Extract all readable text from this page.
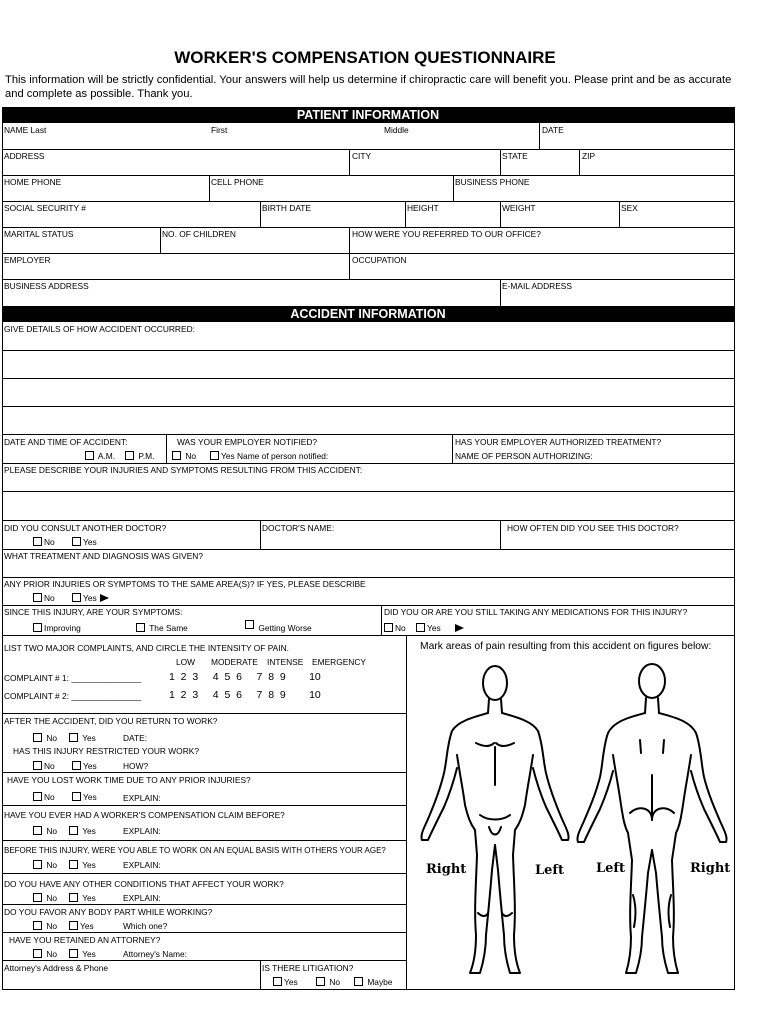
WORKER'S COMPENSATION QUESTIONNAIRE
This information will be strictly confidential. Your answers will help us determine if chiropractic care will benefit you. Please print and be as accurate and complete as possible. Thank you.
PATIENT INFORMATION
NAME Last	First	Middle	DATE
ADDRESS	CITY	STATE	ZIP
HOME PHONE	CELL PHONE	BUSINESS PHONE
SOCIAL SECURITY #	BIRTH DATE	HEIGHT	WEIGHT	SEX
MARITAL STATUS	NO. OF CHILDREN	HOW WERE YOU REFERRED TO OUR OFFICE?
EMPLOYER	OCCUPATION
BUSINESS ADDRESS	E-MAIL ADDRESS
ACCIDENT INFORMATION
GIVE DETAILS OF HOW ACCIDENT OCCURRED:
DATE AND TIME OF ACCIDENT:
A.M.	P.M.
WAS YOUR EMPLOYER NOTIFIED?
No	Yes Name of person notified:
HAS YOUR EMPLOYER AUTHORIZED TREATMENT?
NAME OF PERSON AUTHORIZING:
PLEASE DESCRIBE YOUR INJURIES AND SYMPTOMS RESULTING FROM THIS ACCIDENT:
DID YOU CONSULT ANOTHER DOCTOR?
No	Yes
DOCTOR'S NAME:	HOW OFTEN DID YOU SEE THIS DOCTOR?
WHAT TREATMENT AND DIAGNOSIS WAS GIVEN?
ANY PRIOR INJURIES OR SYMPTOMS TO THE SAME AREA(S)? IF YES, PLEASE DESCRIBE
No	Yes
SINCE THIS INJURY, ARE YOUR SYMPTOMS:
Improving	The Same	Getting Worse
DID YOU OR ARE YOU STILL TAKING ANY MEDICATIONS FOR THIS INJURY?
No	Yes
LIST TWO MAJOR COMPLAINTS, AND CIRCLE THE INTENSITY OF PAIN.
LOW MODERATE INTENSE EMERGENCY
COMPLAINT # 1: _______________	1  2  3     4  5  6     7  8  9        10
COMPLAINT # 2: _______________	1  2  3     4  5  6     7  8  9        10
Mark areas of pain resulting from this accident on figures below:
AFTER THE ACCIDENT, DID YOU RETURN TO WORK?
No	Yes	DATE:
HAS THIS INJURY RESTRICTED YOUR WORK?
No	Yes	HOW?
HAVE YOU LOST WORK TIME DUE TO ANY PRIOR INJURIES?
No	Yes	EXPLAIN:
HAVE YOU EVER HAD A WORKER'S COMPENSATION CLAIM BEFORE?
No	Yes	EXPLAIN:
BEFORE THIS INJURY, WERE YOU ABLE TO WORK ON AN EQUAL BASIS WITH OTHERS YOUR AGE?
No	Yes	EXPLAIN:
DO YOU HAVE ANY OTHER CONDITIONS THAT AFFECT YOUR WORK?
No	Yes	EXPLAIN:
DO YOU FAVOR ANY BODY PART WHILE WORKING?
No	Yes	Which one?
HAVE YOU RETAINED AN ATTORNEY?
No	Yes	Attorney's Name:
Attorney's Address & Phone	IS THERE LITIGATION?
Yes	No	Maybe
Right	Left Left	Right
